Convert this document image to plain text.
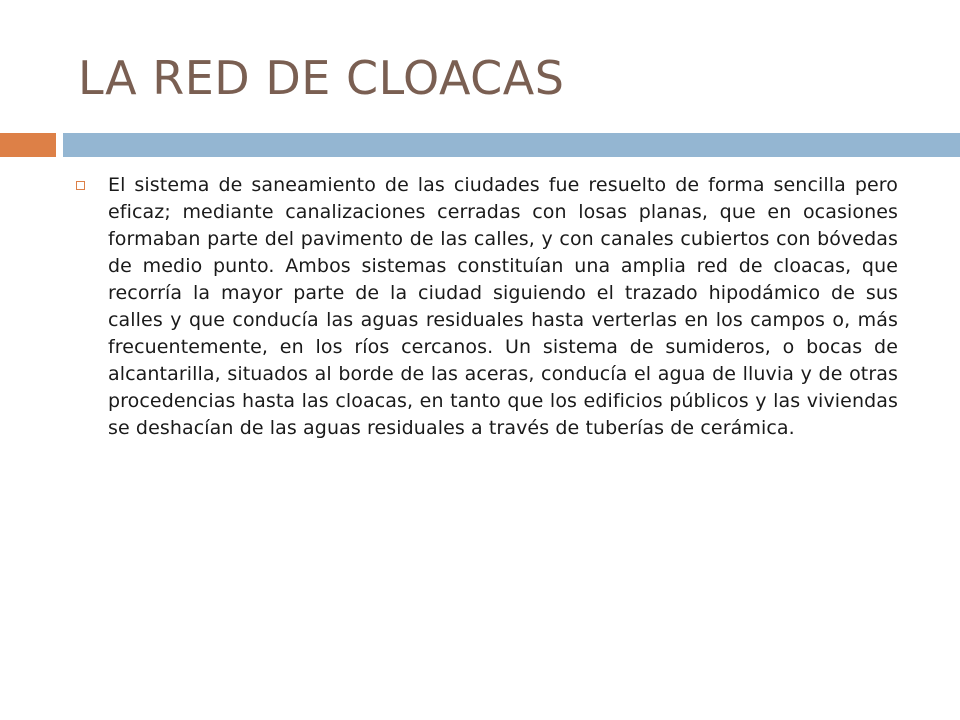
LA RED DE CLOACAS

El sistema de saneamiento de las ciudades fue resuelto de forma sencilla pero eficaz; mediante canalizaciones cerradas con losas planas, que en ocasiones formaban parte del pavimento de las calles, y con canales cubiertos con bóvedas de medio punto. Ambos sistemas constituían una amplia red de cloacas, que recorría la mayor parte de la ciudad siguiendo el trazado hipodámico de sus calles y que conducía las aguas residuales hasta verterlas en los campos o, más frecuentemente, en los ríos cercanos. Un sistema de sumideros, o bocas de alcantarilla, situados al borde de las aceras, conducía el agua de lluvia y de otras procedencias hasta las cloacas, en tanto que los edificios públicos y las viviendas se deshacían de las aguas residuales a través de tuberías de cerámica.
